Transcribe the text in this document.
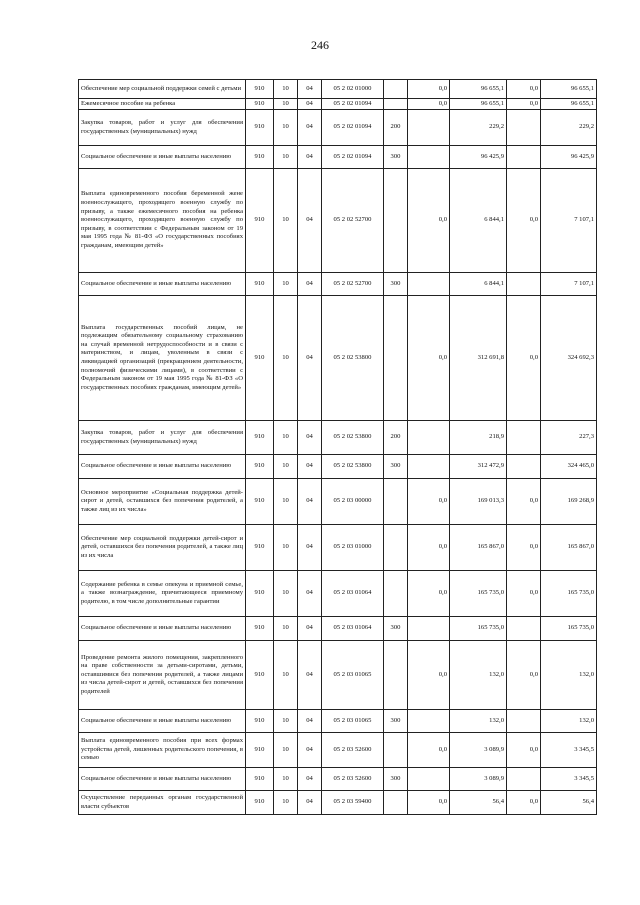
246
Обеспечение мер социальной поддержки семей с детьми	910	10	04	05 2 02 01000		0,0	96 655,1	0,0	96 655,1
Ежемесячное пособие на ребенка	910	10	04	05 2 02 01094		0,0	96 655,1	0,0	96 655,1
Закупка товаров, работ и услуг для обеспечения государственных (муниципальных) нужд	910	10	04	05 2 02 01094	200		229,2		229,2
Социальное обеспечение и иные выплаты населению	910	10	04	05 2 02 01094	300		96 425,9		96 425,9
Выплата единовременного пособия беременной жене военнослужащего, проходящего военную службу по призыву, а также ежемесячного пособия на ребенка военнослужащего, проходящего военную службу по призыву, в соответствии с Федеральным законом от 19 мая 1995 года № 81-ФЗ «О государственных пособиях гражданам, имеющим детей»	910	10	04	05 2 02 52700		0,0	6 844,1	0,0	7 107,1
Социальное обеспечение и иные выплаты населению	910	10	04	05 2 02 52700	300		6 844,1		7 107,1
Выплата государственных пособий лицам, не подлежащим обязательному социальному страхованию на случай временной нетрудоспособности и в связи с материнством, и лицам, уволенным в связи с ликвидацией организаций (прекращением деятельности, полномочий физическими лицами), в соответствии с Федеральным законом от 19 мая 1995 года № 81-ФЗ «О государственных пособиях гражданам, имеющим детей»	910	10	04	05 2 02 53800		0,0	312 691,8	0,0	324 692,3
Закупка товаров, работ и услуг для обеспечения государственных (муниципальных) нужд	910	10	04	05 2 02 53800	200		218,9		227,3
Социальное обеспечение и иные выплаты населению	910	10	04	05 2 02 53800	300		312 472,9		324 465,0
Основное мероприятие «Социальная поддержка детей-сирот и детей, оставшихся без попечения родителей, а также лиц из их числа»	910	10	04	05 2 03 00000		0,0	169 013,3	0,0	169 268,9
Обеспечение мер социальной поддержки детей-сирот и детей, оставшихся без попечения родителей, а также лиц из их числа	910	10	04	05 2 03 01000		0,0	165 867,0	0,0	165 867,0
Содержание ребенка в семье опекуна и приемной семье, а также вознаграждение, причитающееся приемному родителю, в том числе дополнительные гарантии	910	10	04	05 2 03 01064		0,0	165 735,0	0,0	165 735,0
Социальное обеспечение и иные выплаты населению	910	10	04	05 2 03 01064	300		165 735,0		165 735,0
Проведение ремонта жилого помещения, закрепленного на праве собственности за детьми-сиротами, детьми, оставшимися без попечения родителей, а также лицами из числа детей-сирот и детей, оставшихся без попечения родителей	910	10	04	05 2 03 01065		0,0	132,0	0,0	132,0
Социальное обеспечение и иные выплаты населению	910	10	04	05 2 03 01065	300		132,0		132,0
Выплата единовременного пособия при всех формах устройства детей, лишенных родительского попечения, в семью	910	10	04	05 2 03 52600		0,0	3 089,9	0,0	3 345,5
Социальное обеспечение и иные выплаты населению	910	10	04	05 2 03 52600	300		3 089,9		3 345,5
Осуществление переданных органам государственной власти субъектов	910	10	04	05 2 03 59400		0,0	56,4	0,0	56,4
